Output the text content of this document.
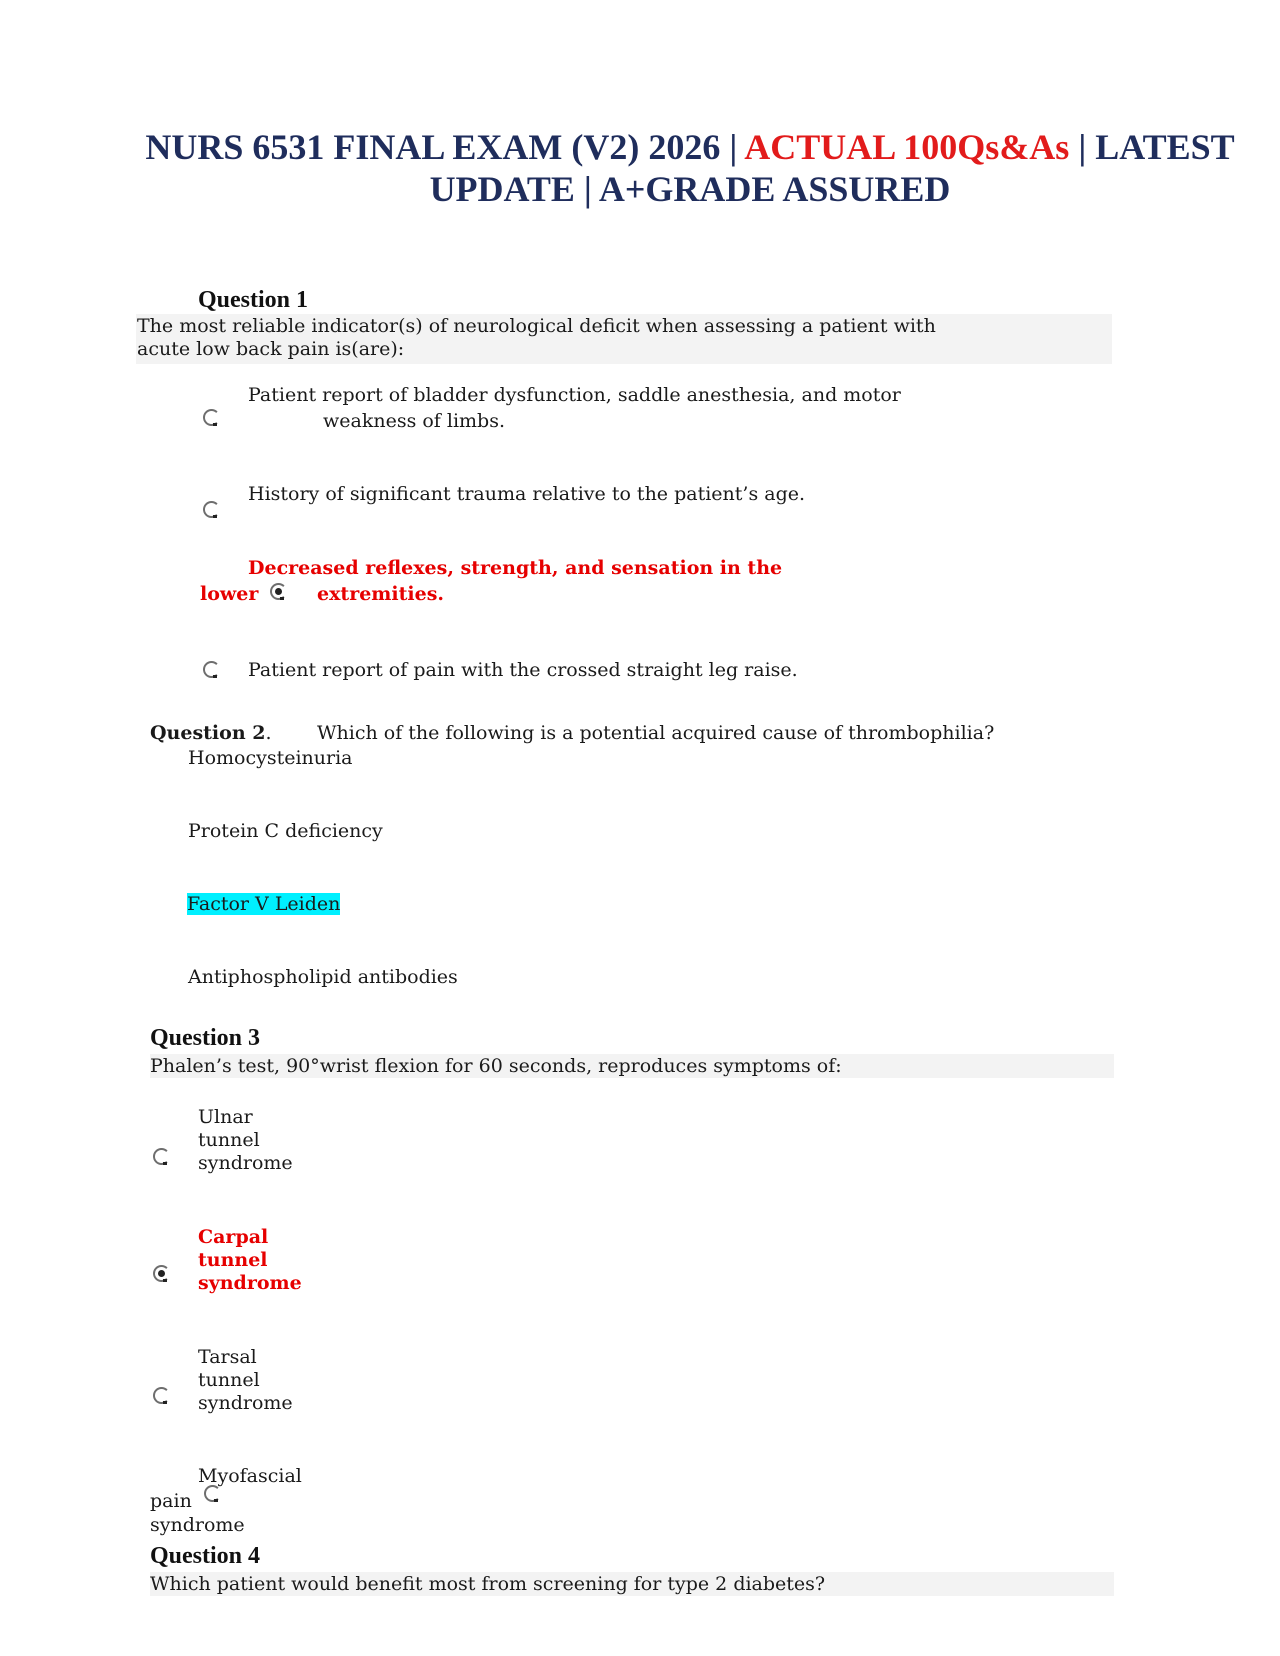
NURS 6531 FINAL EXAM (V2) 2026 | ACTUAL 100Qs&As | LATEST
UPDATE | A+GRADE ASSURED
Question 1
The most reliable indicator(s) of neurological deficit when assessing a patient with
acute low back pain is(are):
Patient report of bladder dysfunction, saddle anesthesia, and motor
weakness of limbs.
History of significant trauma relative to the patient’s age.
Decreased reflexes, strength, and sensation in the
lower	extremities.
Patient report of pain with the crossed straight leg raise.
Question 2. Which of the following is a potential acquired cause of thrombophilia?
Homocysteinuria
Protein C deficiency
Factor V Leiden
Antiphospholipid antibodies
Question 3
Phalen’s test, 90°wrist flexion for 60 seconds, reproduces symptoms of:
Ulnar
tunnel
syndrome
Carpal
tunnel
syndrome
Tarsal
tunnel
syndrome
Myofascial
pain
syndrome
Question 4
Which patient would benefit most from screening for type 2 diabetes?
